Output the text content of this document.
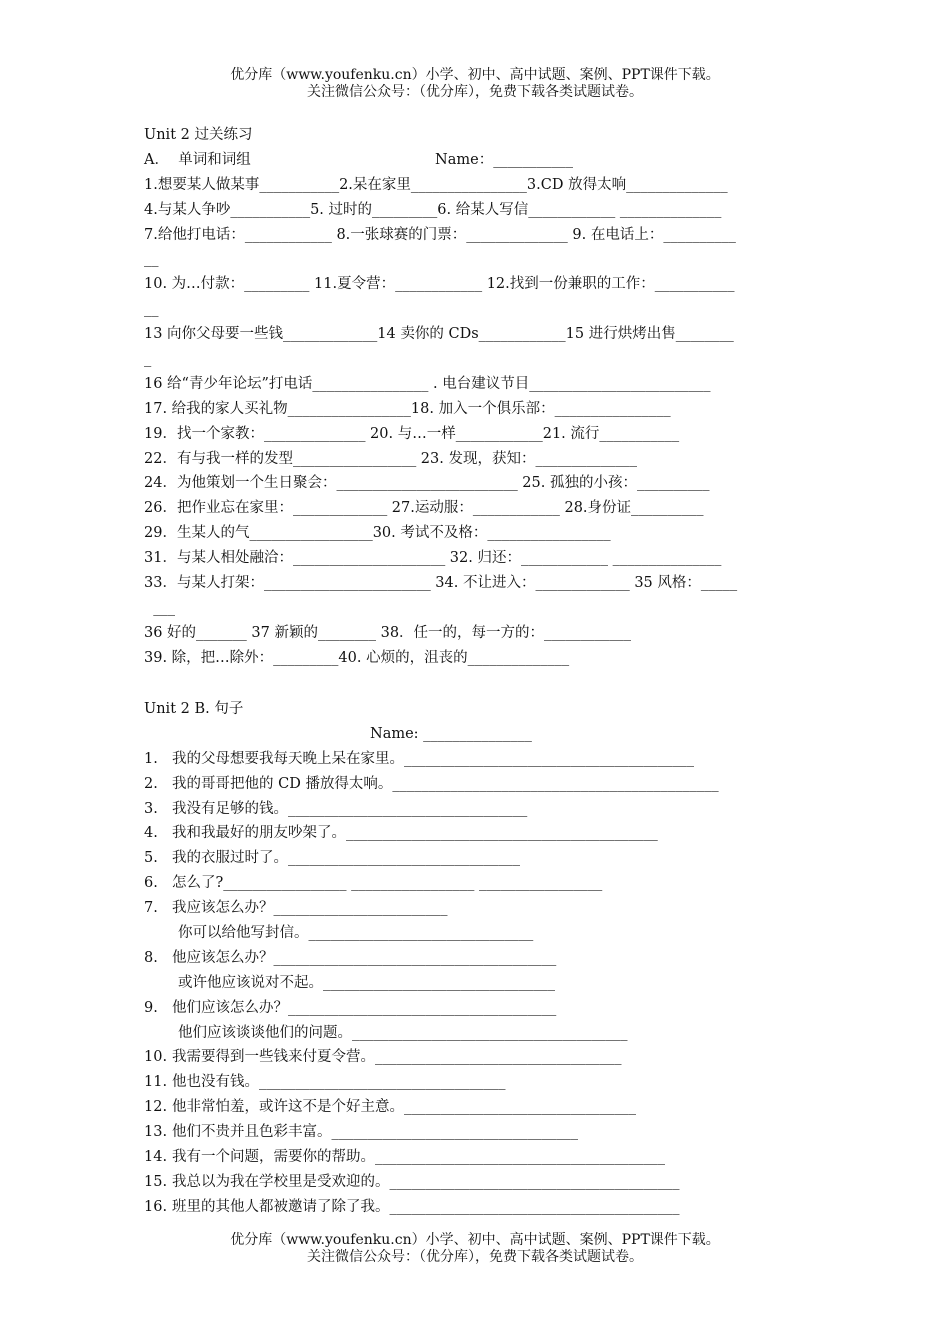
优分库（www.youfenku.cn）小学、初中、高中试题、案例、PPT课件下载。
关注微信公众号：（优分库），免费下载各类试题试卷。
Unit 2 过关练习
A．  单词和词组                                        Name：___________
1.想要某人做某事___________2.呆在家里________________3.CD 放得太响______________
4.与某人争吵___________5. 过时的_________6. 给某人写信____________ ______________
7.给他打电话：____________ 8.一张球赛的门票：______________ 9. 在电话上：__________
__
10. 为…付款：_________ 11.夏令营：____________ 12.找到一份兼职的工作：___________
__
13 向你父母要一些钱_____________14 卖你的 CDs____________15 进行烘烤出售________
_
16 给“青少年论坛”打电话________________ . 电台建议节目_________________________
17. 给我的家人买礼物_________________18. 加入一个俱乐部：________________
19．找一个家教：______________ 20. 与…一样____________21. 流行___________
22．有与我一样的发型_________________ 23. 发现，获知：______________
24．为他策划一个生日聚会：_________________________ 25. 孤独的小孩：__________
26．把作业忘在家里：_____________ 27.运动服：____________ 28.身份证__________
29．生某人的气_________________30. 考试不及格：_________________
31．与某人相处融洽：_____________________ 32. 归还：____________ _______________
33．与某人打架：_______________________ 34. 不让进入：_____________ 35 风格：_____
___
36 好的_______ 37 新颖的________ 38．任一的，每一方的：____________
39. 除，把…除外：_________40. 心烦的，沮丧的______________
Unit 2 B. 句子
Name: _______________
1. 我的父母想要我每天晚上呆在家里。________________________________________
2. 我的哥哥把他的 CD 播放得太响。_____________________________________________
3. 我没有足够的钱。_________________________________
4. 我和我最好的朋友吵架了。___________________________________________
5. 我的衣服过时了。________________________________
6. 怎么了?_________________ _________________ _________________
7. 我应该怎么办？________________________
你可以给他写封信。_______________________________
8. 他应该怎么办？_______________________________________
或许他应该说对不起。________________________________
9. 他们应该怎么办？_____________________________________
他们应该谈谈他们的问题。______________________________________
10. 我需要得到一些钱来付夏令营。__________________________________
11. 他也没有钱。__________________________________
12. 他非常怕羞，或许这不是个好主意。________________________________
13. 他们不贵并且色彩丰富。__________________________________
14. 我有一个问题，需要你的帮助。________________________________________
15. 我总以为我在学校里是受欢迎的。________________________________________
16. 班里的其他人都被邀请了除了我。________________________________________
优分库（www.youfenku.cn）小学、初中、高中试题、案例、PPT课件下载。
关注微信公众号：（优分库），免费下载各类试题试卷。
